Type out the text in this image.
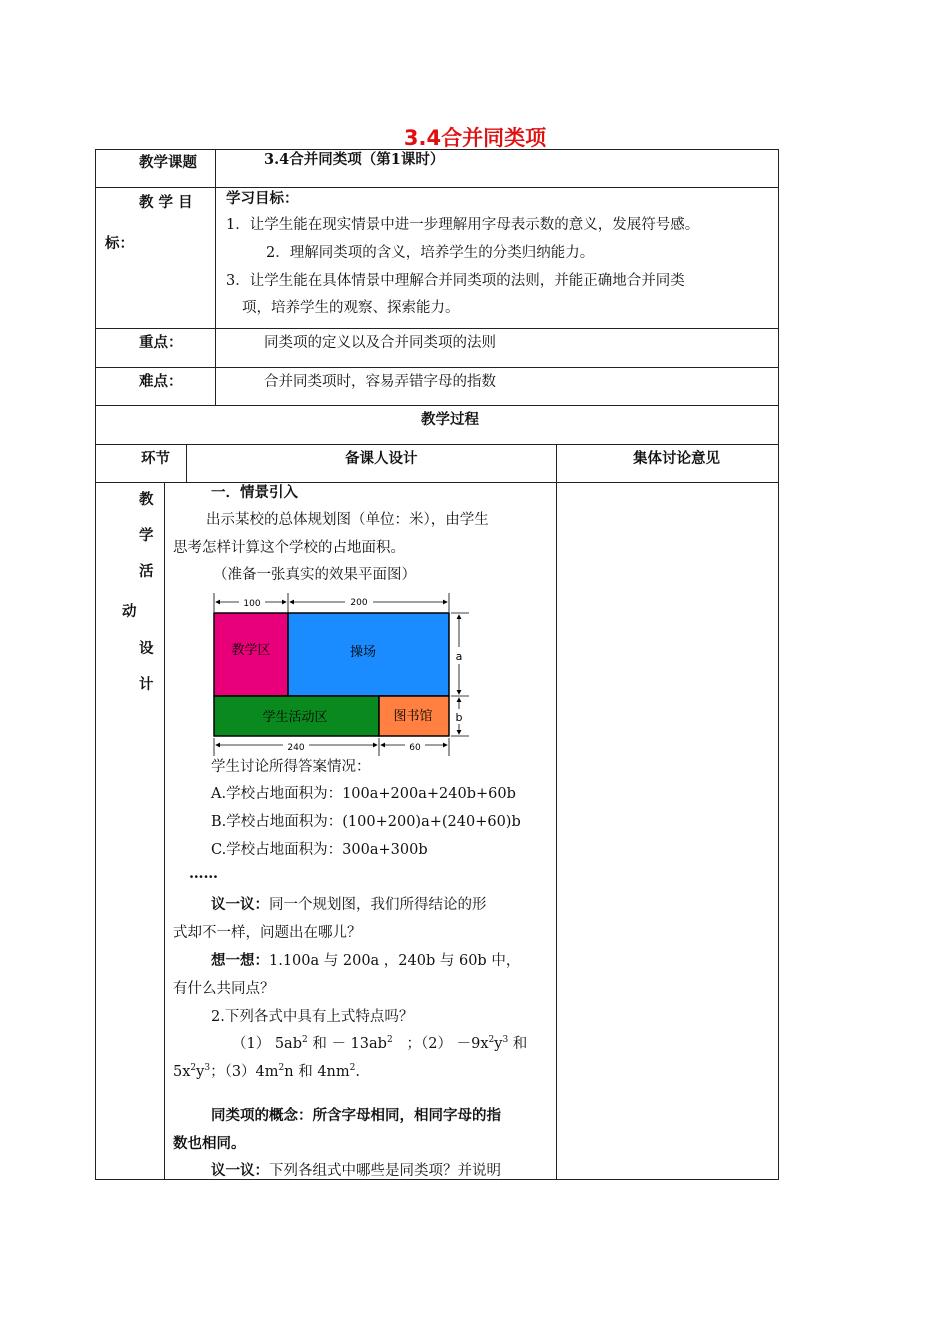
3.4合并同类项
教学课题	3.4合并同类项（第1课时）
教 学 目
标：
学习目标：
1．让学生能在现实情景中进一步理解用字母表示数的意义，发展符号感。
2．理解同类项的含义，培养学生的分类归纳能力。
3．让学生能在具体情景中理解合并同类项的法则，并能正确地合并同类
项，培养学生的观察、探索能力。
重点：	同类项的定义以及合并同类项的法则
难点：	合并同类项时，容易弄错字母的指数
教学过程
环节	备课人设计	集体讨论意见
教
学
活
动
设
计
一．情景引入
出示某校的总体规划图（单位：米），由学生
思考怎样计算这个学校的占地面积。
（准备一张真实的效果平面图）
教学区	操场
学生活动区	图书馆
100	200
a
b
240	60
学生讨论所得答案情况：
A.学校占地面积为：100a+200a+240b+60b
B.学校占地面积为：(100+200)a+(240+60)b
C.学校占地面积为：300a+300b
……
议一议：同一个规划图，我们所得结论的形
式却不一样，问题出在哪儿？
想一想：1.100a 与 200a ，240b 与 60b 中，
有什么共同点？
2.下列各式中具有上式特点吗？
（1） $5ab^2$ 和 － $13ab^2$   ；$(2) -9x^2y^3$ 和
$5x^2y^3$；$(3)4m^2n$ 和 $4nm^2$.
同类项的概念：所含字母相同，相同字母的指
数也相同。
议一议：下列各组式中哪些是同类项？并说明
